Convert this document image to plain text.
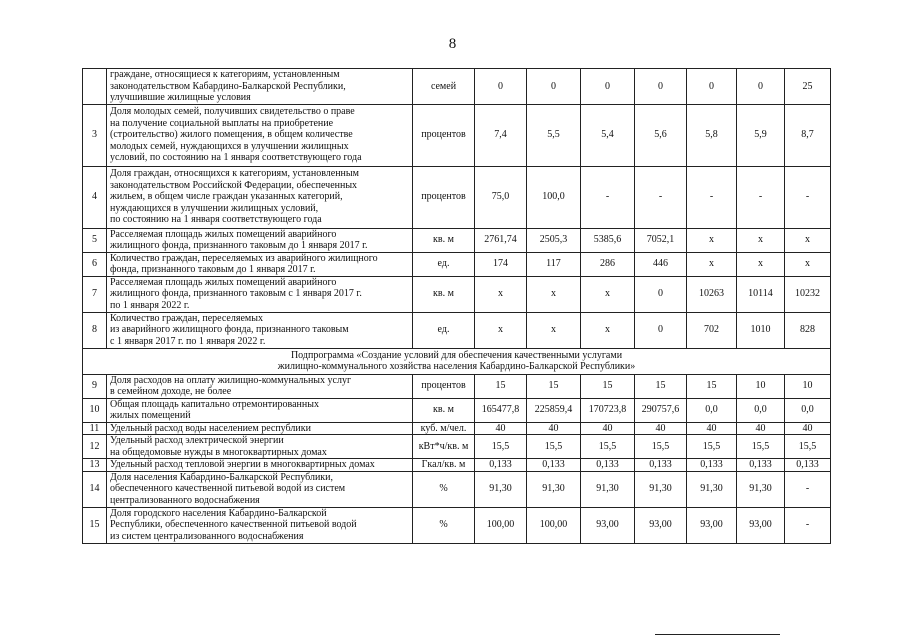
8
	граждане, относящиеся к категориям, установленным
законодательством Кабардино-Балкарской Республики,
улучшившие жилищные условия	семей	0	0	0	0	0	0	25
3	Доля молодых семей, получивших свидетельство о праве
на получение социальной выплаты на приобретение
(строительство) жилого помещения, в общем количестве
молодых семей, нуждающихся в улучшении жилищных
условий, по состоянию на 1 января соответствующего года	процентов	7,4	5,5	5,4	5,6	5,8	5,9	8,7
4	Доля граждан, относящихся к категориям, установленным
законодательством Российской Федерации, обеспеченных
жильем, в общем числе граждан указанных категорий,
нуждающихся в улучшении жилищных условий,
по состоянию на 1 января соответствующего года	процентов	75,0	100,0	-	-	-	-	-
5	Расселяемая площадь жилых помещений аварийного
жилищного фонда, признанного таковым до 1 января 2017 г.	кв. м	2761,74	2505,3	5385,6	7052,1	x	x	x
6	Количество граждан, переселяемых из аварийного жилищного
фонда, признанного таковым до 1 января 2017 г.	ед.	174	117	286	446	x	x	x
7	Расселяемая площадь жилых помещений аварийного
жилищного фонда, признанного таковым с 1 января 2017 г.
по 1 января 2022 г.	кв. м	x	x	x	0	10263	10114	10232
8	Количество граждан, переселяемых
из аварийного жилищного фонда, признанного таковым
с 1 января 2017 г. по 1 января 2022 г.	ед.	x	x	x	0	702	1010	828
Подпрограмма «Создание условий для обеспечения качественными услугами
жилищно-коммунального хозяйства населения Кабардино-Балкарской Республики»									
9	Доля расходов на оплату жилищно-коммунальных услуг
в семейном доходе, не более	процентов	15	15	15	15	15	10	10
10	Общая площадь капитально отремонтированных
жилых помещений	кв. м	165477,8	225859,4	170723,8	290757,6	0,0	0,0	0,0
11	Удельный расход воды населением республики	куб. м/чел.	40	40	40	40	40	40	40
12	Удельный расход электрической энергии
на общедомовые нужды в многоквартирных домах	кВт*ч/кв. м	15,5	15,5	15,5	15,5	15,5	15,5	15,5
13	Удельный расход тепловой энергии в многоквартирных домах	Гкал/кв. м	0,133	0,133	0,133	0,133	0,133	0,133	0,133
14	Доля населения Кабардино-Балкарской Республики,
обеспеченного качественной питьевой водой из систем
централизованного водоснабжения	%	91,30	91,30	91,30	91,30	91,30	91,30	-
15	Доля городского населения Кабардино-Балкарской
Республики, обеспеченного качественной питьевой водой
из систем централизованного водоснабжения	%	100,00	100,00	93,00	93,00	93,00	93,00	-
